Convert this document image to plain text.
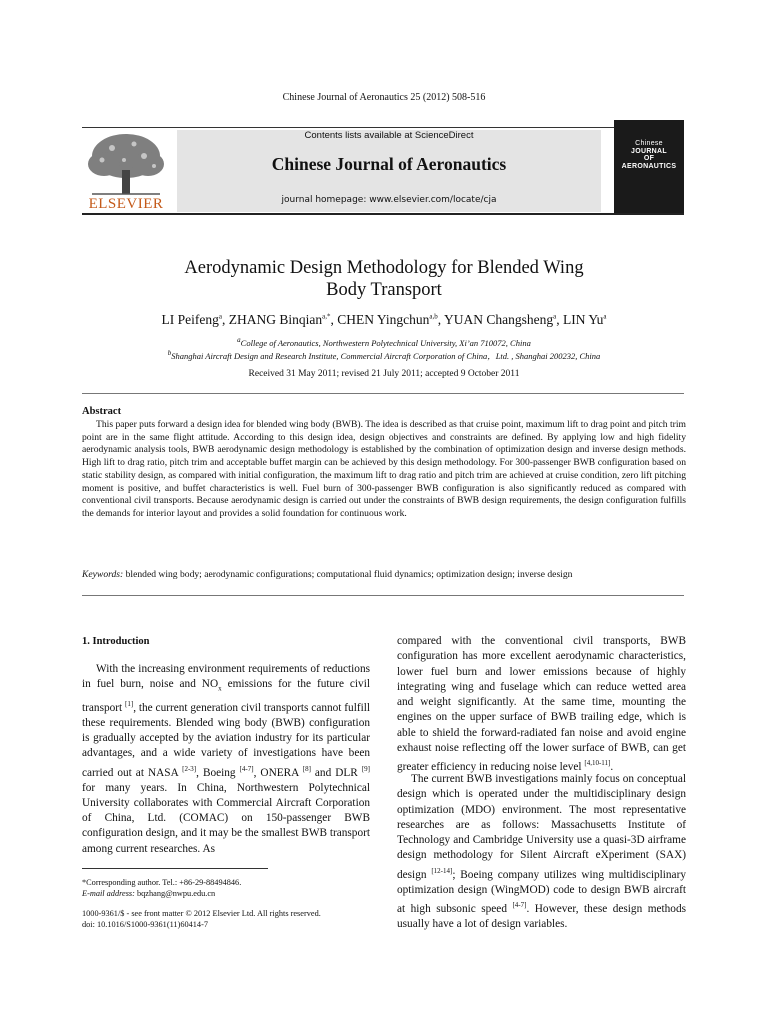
Chinese Journal of Aeronautics 25 (2012) 508-516
ELSEVIER
Contents lists available at ScienceDirect
Chinese Journal of Aeronautics
journal homepage: www.elsevier.com/locate/cja
Chinese
JOURNAL
OF
AERONAUTICS
Aerodynamic Design Methodology for Blended Wing
Body Transport
LI Peifeng$^a$, ZHANG Binqian$^{a,*}$, CHEN Yingchun$^{a,b}$, YUAN Changsheng$^a$, LIN Yu$^a$
$^a$College of Aeronautics, Northwestern Polytechnical University, Xi’an 710072, China
$^b$Shanghai Aircraft Design and Research Institute, Commercial Aircraft Corporation of China，Ltd. , Shanghai 200232, China
Received 31 May 2011; revised 21 July 2011; accepted 9 October 2011
Abstract

This paper puts forward a design idea for blended wing body (BWB). The idea is described as that cruise point, maximum lift to drag point and pitch trim point are in the same flight attitude. According to this design idea, design objectives and constraints are defined. By applying low and high fidelity aerodynamic analysis tools, BWB aerodynamic design methodology is established by the combination of optimization design and inverse design methods. High lift to drag ratio, pitch trim and acceptable buffet margin can be achieved by this design methodology. For 300-passenger BWB configuration based on static stability design, as compared with initial configuration, the maximum lift to drag ratio and pitch trim are achieved at cruise condition, zero lift pitching moment is positive, and buffet characteristics is well. Fuel burn of 300-passenger BWB configuration is also significantly reduced as compared with conventional civil transports. Because aerodynamic design is carried out under the constraints of BWB design requirements, the design configuration fulfills the demands for interior layout and provides a solid foundation for continuous work.

Keywords: blended wing body; aerodynamic configurations; computational fluid dynamics; optimization design; inverse design
1. Introduction

With the increasing environment requirements of reductions in fuel burn, noise and $NO_x$ emissions for the future civil transport [1], the current generation civil transports cannot fulfill these requirements. Blended wing body (BWB) configuration is gradually accepted by the aviation industry for its particular advantages, and a wide variety of investigations have been carried out at NASA [2-3], Boeing [4-7], ONERA [8] and DLR [9] for many years. In China, Northwestern Polytechnical University collaborates with Commercial Aircraft Corporation of China, Ltd. (COMAC) on 150-passenger BWB configuration design, and it may be the smallest BWB transport among current researches. As

compared with the conventional civil transports, BWB configuration has more excellent aerodynamic characteristics, lower fuel burn and lower emissions because of highly integrating wing and fuselage which can reduce wetted area and weight significantly. At the same time, mounting the engines on the upper surface of BWB trailing edge, which is able to shield the forward-radiated fan noise and avoid engine exhaust noise reflecting off the lower surface of BWB, can get greater efficiency in reducing noise level [4,10-11].

The current BWB investigations mainly focus on conceptual design which is operated under the multidisciplinary design optimization (MDO) environment. The most representative researches are as follows: Massachusetts Institute of Technology and Cambridge University use a quasi-3D airframe design methodology for Silent Aircraft eXperiment (SAX) design [12-14]; Boeing company utilizes wing multidisciplinary optimization design (WingMOD) code to design BWB aircraft at high subsonic speed [4-7]. However, these design methods usually have a lot of design variables.

*Corresponding author. Tel.: +86-29-88494846.
E-mail address: bqzhang@nwpu.edu.cn
1000-9361/$ - see front matter © 2012 Elsevier Ltd. All rights reserved.
doi: 10.1016/S1000-9361(11)60414-7
